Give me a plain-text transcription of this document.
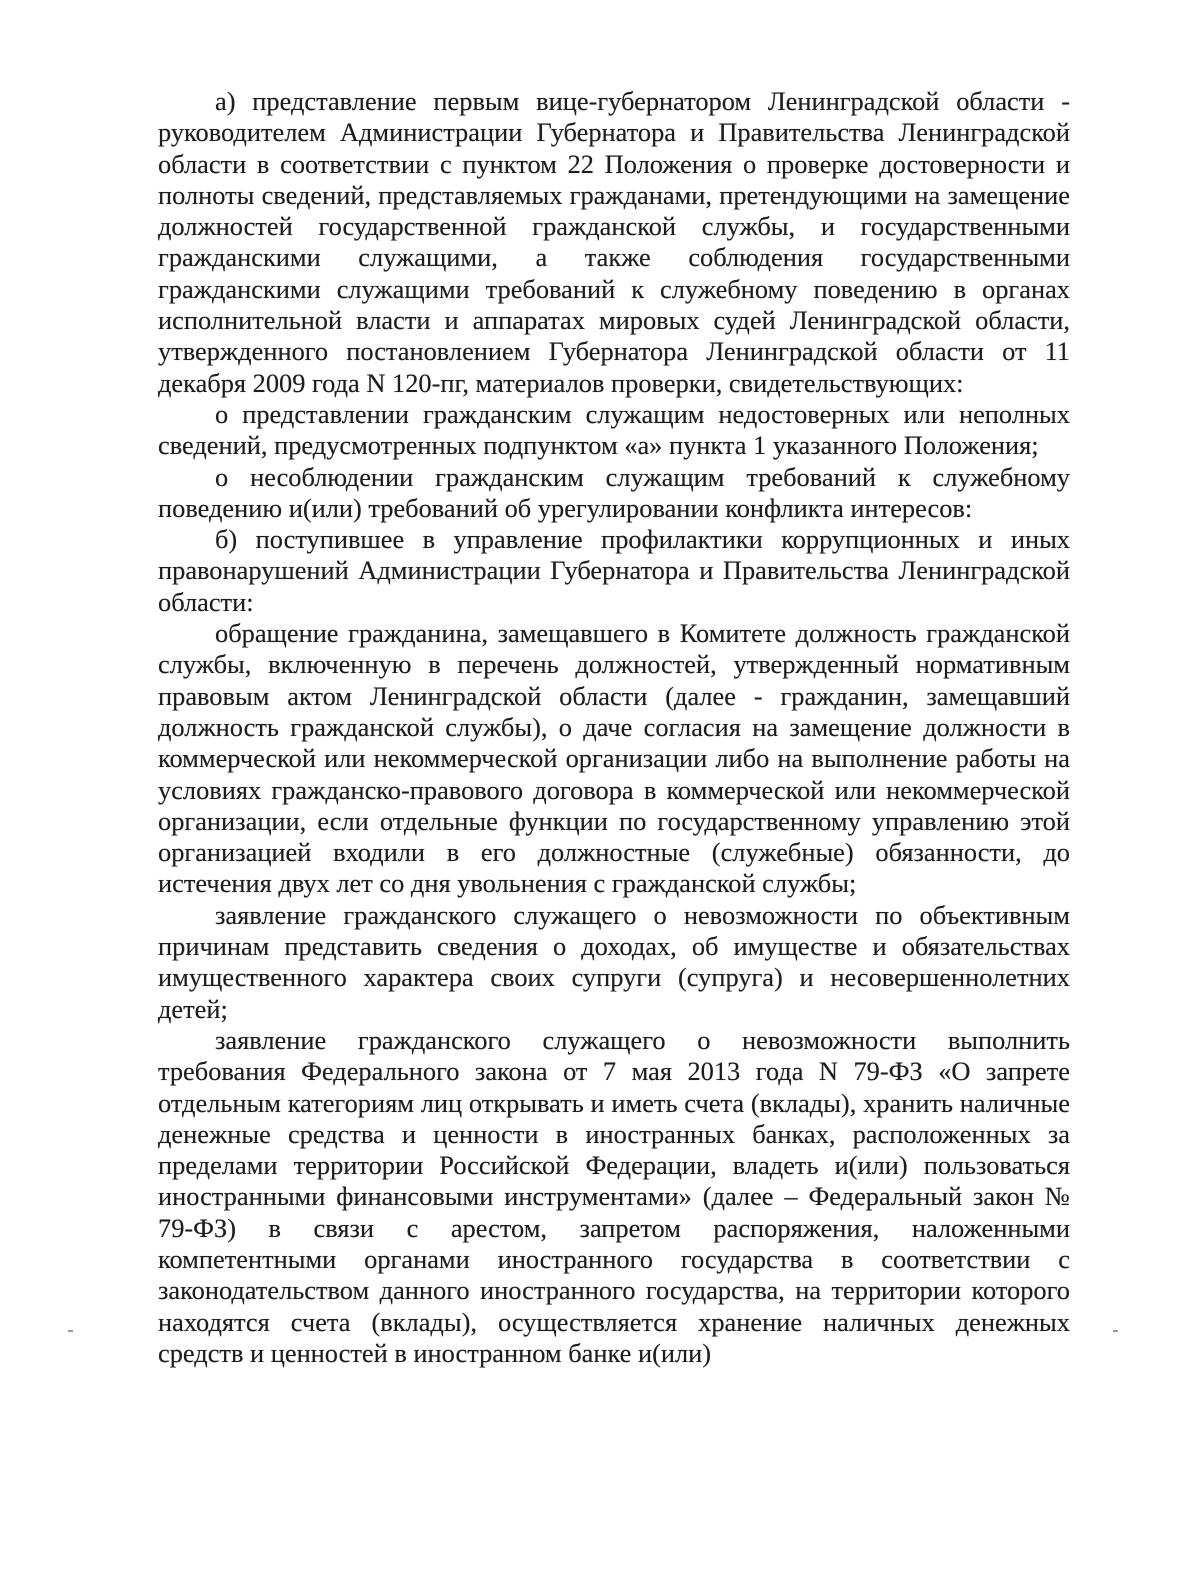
а) представление первым вице-губернатором Ленинградской области - руководителем Администрации Губернатора и Правительства Ленинградской области в соответствии с пунктом 22 Положения о проверке достоверности и полноты сведений, представляемых гражданами, претендующими на замещение должностей государственной гражданской службы, и государственными гражданскими служащими, а также соблюдения государственными гражданскими служащими требований к служебному поведению в органах исполнительной власти и аппаратах мировых судей Ленинградской области, утвержденного постановлением Губернатора Ленинградской области от 11 декабря 2009 года N 120-пг, материалов проверки, свидетельствующих:

о представлении гражданским служащим недостоверных или неполных сведений, предусмотренных подпунктом «а» пункта 1 указанного Положения;

о несоблюдении гражданским служащим требований к служебному поведению и(или) требований об урегулировании конфликта интересов:

б) поступившее в управление профилактики коррупционных и иных правонарушений Администрации Губернатора и Правительства Ленинградской области:

обращение гражданина, замещавшего в Комитете должность гражданской службы, включенную в перечень должностей, утвержденный нормативным правовым актом Ленинградской области (далее - гражданин, замещавший должность гражданской службы), о даче согласия на замещение должности в коммерческой или некоммерческой организации либо на выполнение работы на условиях гражданско-правового договора в коммерческой или некоммерческой организации, если отдельные функции по государственному управлению этой организацией входили в его должностные (служебные) обязанности, до истечения двух лет со дня увольнения с гражданской службы;

заявление гражданского служащего о невозможности по объективным причинам представить сведения о доходах, об имуществе и обязательствах имущественного характера своих супруги (супруга) и несовершеннолетних детей;

заявление гражданского служащего о невозможности выполнить требования Федерального закона от 7 мая 2013 года N 79-ФЗ «О запрете отдельным категориям лиц открывать и иметь счета (вклады), хранить наличные денежные средства и ценности в иностранных банках, расположенных за пределами территории Российской Федерации, владеть и(или) пользоваться иностранными финансовыми инструментами» (далее – Федеральный закон № 79-ФЗ) в связи с арестом, запретом распоряжения, наложенными компетентными органами иностранного государства в соответствии с законодательством данного иностранного государства, на территории которого находятся счета (вклады), осуществляется хранение наличных денежных средств и ценностей в иностранном банке и(или)
